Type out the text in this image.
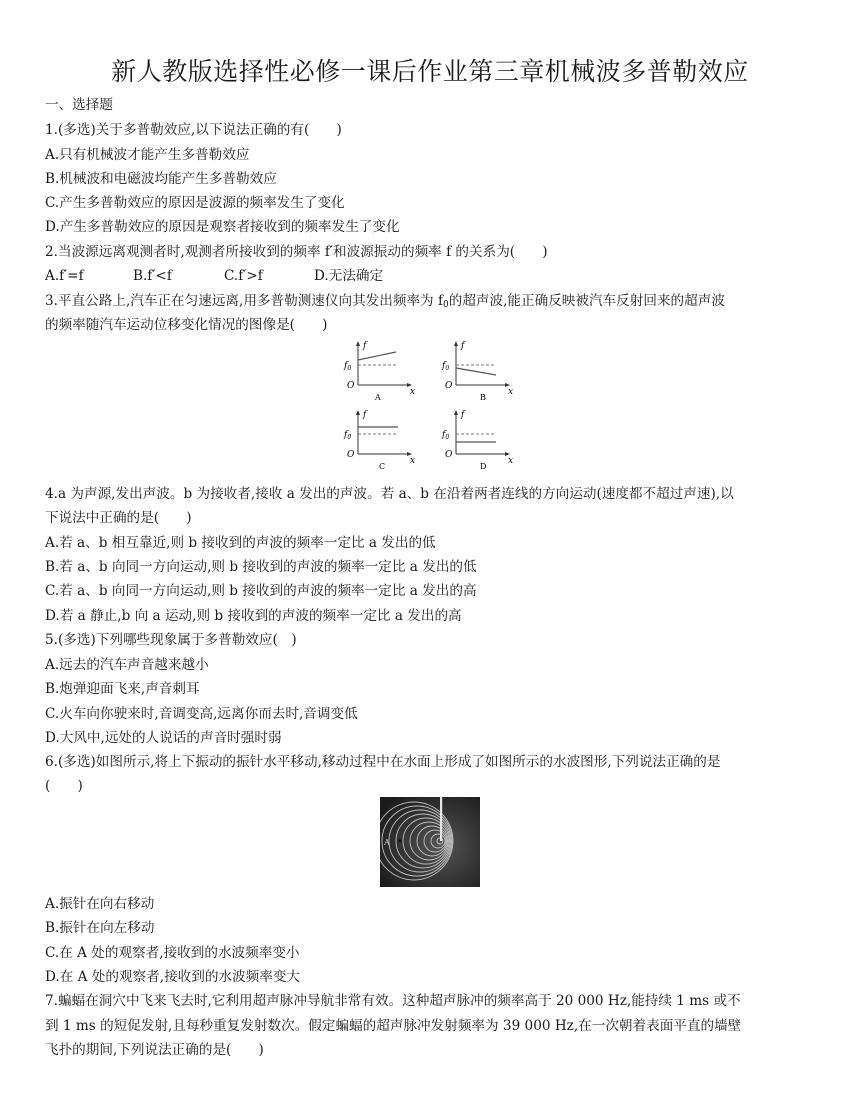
新人教版选择性必修一课后作业第三章机械波多普勒效应
一、选择题
1.(多选)关于多普勒效应,以下说法正确的有(　　)
A.只有机械波才能产生多普勒效应
B.机械波和电磁波均能产生多普勒效应
C.产生多普勒效应的原因是波源的频率发生了变化
D.产生多普勒效应的原因是观察者接收到的频率发生了变化
2.当波源远离观测者时,观测者所接收到的频率 f′和波源振动的频率 f 的关系为(　　)
A.f′=f	B.f′<f	C.f′>f	D.无法确定
3.平直公路上,汽车正在匀速远离,用多普勒测速仪向其发出频率为 $f_0$的超声波,能正确反映被汽车反射回来的超声波
的频率随汽车运动位移变化情况的图像是(　　)
f
$f_0$
O
x
A
f
$f_0$
O
x
B
f
$f_0$
O
x
C
f
$f_0$
O
x
D
4.a 为声源,发出声波。b 为接收者,接收 a 发出的声波。若 a、b 在沿着两者连线的方向运动(速度都不超过声速),以
下说法中正确的是(　　)
A.若 a、b 相互靠近,则 b 接收到的声波的频率一定比 a 发出的低
B.若 a、b 向同一方向运动,则 b 接收到的声波的频率一定比 a 发出的低
C.若 a、b 向同一方向运动,则 b 接收到的声波的频率一定比 a 发出的高
D.若 a 静止,b 向 a 运动,则 b 接收到的声波的频率一定比 a 发出的高
5.(多选)下列哪些现象属于多普勒效应(　)
A.远去的汽车声音越来越小
B.炮弹迎面飞来,声音刺耳
C.火车向你驶来时,音调变高,远离你而去时,音调变低
D.大风中,远处的人说话的声音时强时弱
6.(多选)如图所示,将上下振动的振针水平移动,移动过程中在水面上形成了如图所示的水波图形,下列说法正确的是
(　　)
A
A.振针在向右移动
B.振针在向左移动
C.在 A 处的观察者,接收到的水波频率变小
D.在 A 处的观察者,接收到的水波频率变大
7.蝙蝠在洞穴中飞来飞去时,它利用超声脉冲导航非常有效。这种超声脉冲的频率高于 20 000 Hz,能持续 1 ms 或不
到 1 ms 的短促发射,且每秒重复发射数次。假定蝙蝠的超声脉冲发射频率为 39 000 Hz,在一次朝着表面平直的墙壁
飞扑的期间,下列说法正确的是(　　)
